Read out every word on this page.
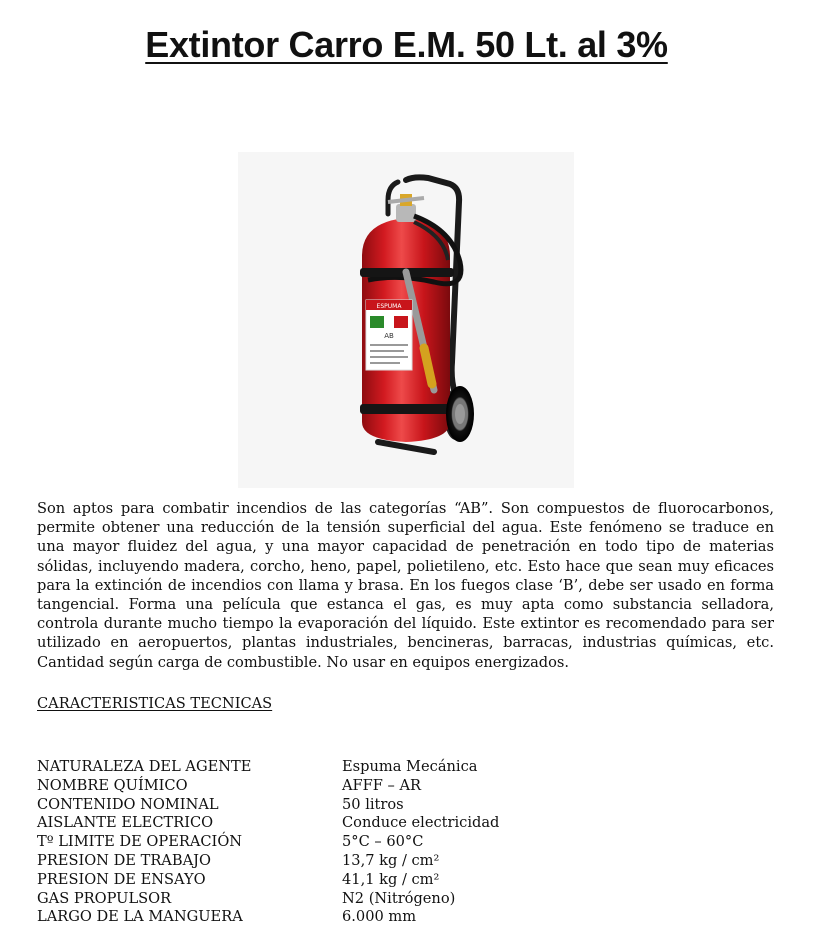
Extintor Carro E.M. 50 Lt. al 3%
ESPUMA
AB

Son aptos para combatir incendios de las categorías “AB”. Son compuestos de fluorocarbonos, permite obtener una reducción de la tensión superficial del agua. Este fenómeno se traduce en una mayor fluidez del agua, y una mayor capacidad de penetración en todo tipo de materias sólidas, incluyendo madera, corcho, heno, papel, polietileno, etc. Esto hace que sean muy eficaces para la extinción de incendios con llama y brasa. En los fuegos clase ‘B’, debe ser usado en forma tangencial. Forma una película que estanca el gas, es muy apta como substancia selladora, controla durante mucho tiempo la evaporación del líquido. Este extintor es recomendado para ser utilizado en aeropuertos, plantas industriales, bencineras, barracas, industrias químicas, etc. Cantidad según carga de combustible. No usar en equipos energizados.

CARACTERISTICAS TECNICAS
NATURALEZA DEL AGENTE	Espuma Mecánica
NOMBRE QUÍMICO	AFFF – AR
CONTENIDO NOMINAL	50 litros
AISLANTE ELECTRICO	Conduce electricidad
Tº LIMITE DE OPERACIÓN	5°C – 60°C
PRESION DE TRABAJO	13,7 kg / cm²
PRESION DE ENSAYO	41,1 kg / cm²
GAS PROPULSOR	N2 (Nitrógeno)
LARGO DE LA MANGUERA	6.000 mm
